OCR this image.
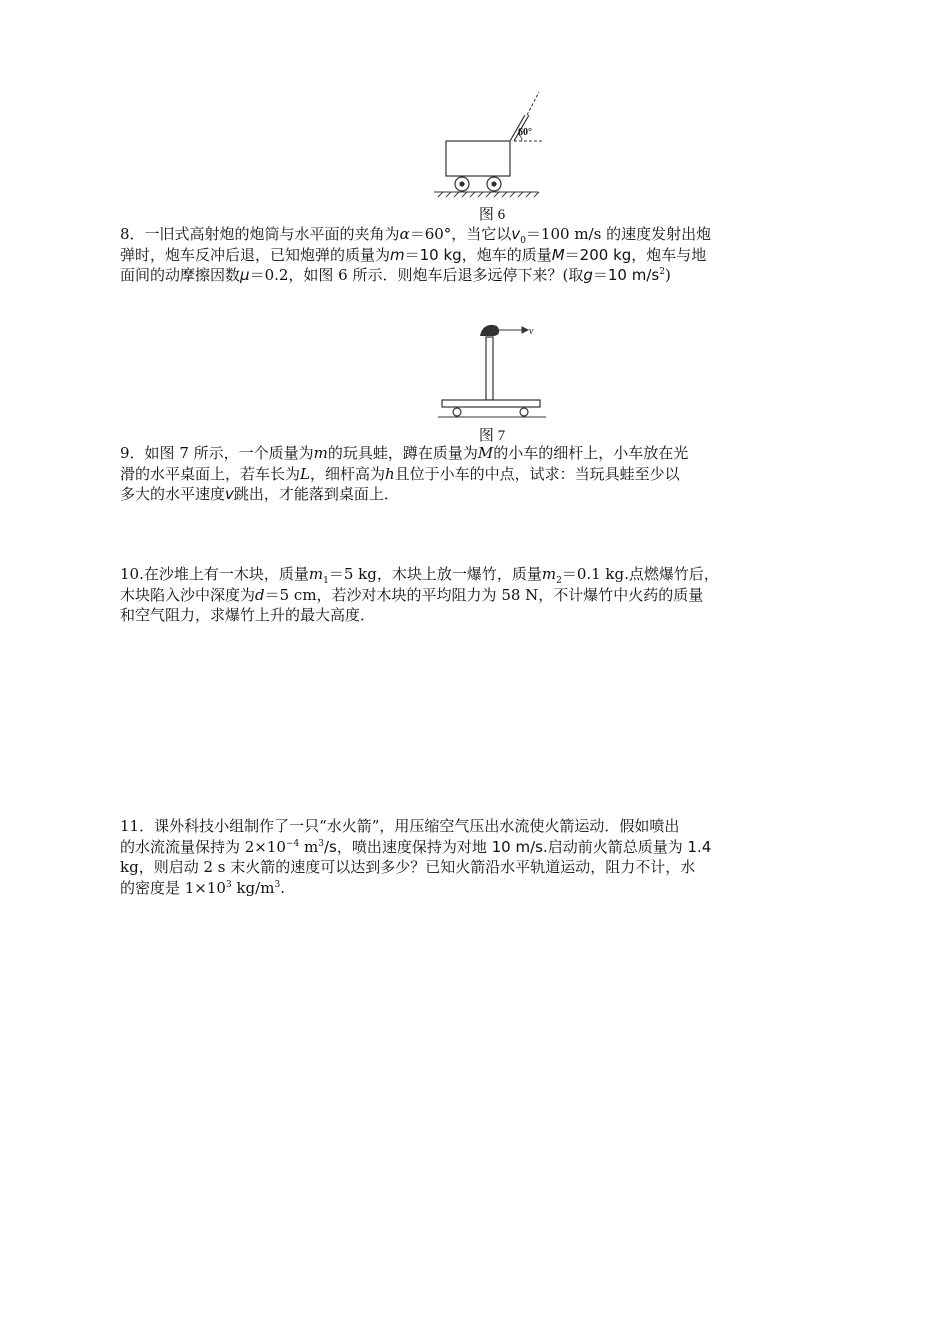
60°
图 6

8．一旧式高射炮的炮筒与水平面的夹角为α＝60°，当它以$v_0=100$ m/s 的速度发射出炮

弹时，炮车反冲后退，已知炮弹的质量为m＝10 kg，炮车的质量M＝200 kg，炮车与地

面间的动摩擦因数μ＝0.2，如图 6 所示．则炮车后退多远停下来？(取g＝10 $m/s^2$)

v
图 7

9．如图 7 所示，一个质量为m的玩具蛙，蹲在质量为M的小车的细杆上，小车放在光

滑的水平桌面上，若车长为L，细杆高为h且位于小车的中点，试求：当玩具蛙至少以

多大的水平速度v跳出，才能落到桌面上．

10.在沙堆上有一木块，质量$m_1=5$ kg，木块上放一爆竹，质量$m_2=0.1$ kg.点燃爆竹后，

木块陷入沙中深度为d＝5 cm，若沙对木块的平均阻力为 58 N，不计爆竹中火药的质量

和空气阻力，求爆竹上升的最大高度．

11．课外科技小组制作了一只“水火箭”，用压缩空气压出水流使火箭运动．假如喷出

的水流流量保持为 $2\times 10^{-4}$ $m^3/s$，喷出速度保持为对地 10 m/s.启动前火箭总质量为 1.4

kg，则启动 2 s 末火箭的速度可以达到多少？已知火箭沿水平轨道运动，阻力不计，水

的密度是 $1\times 10^3$ $kg/m^3$.
